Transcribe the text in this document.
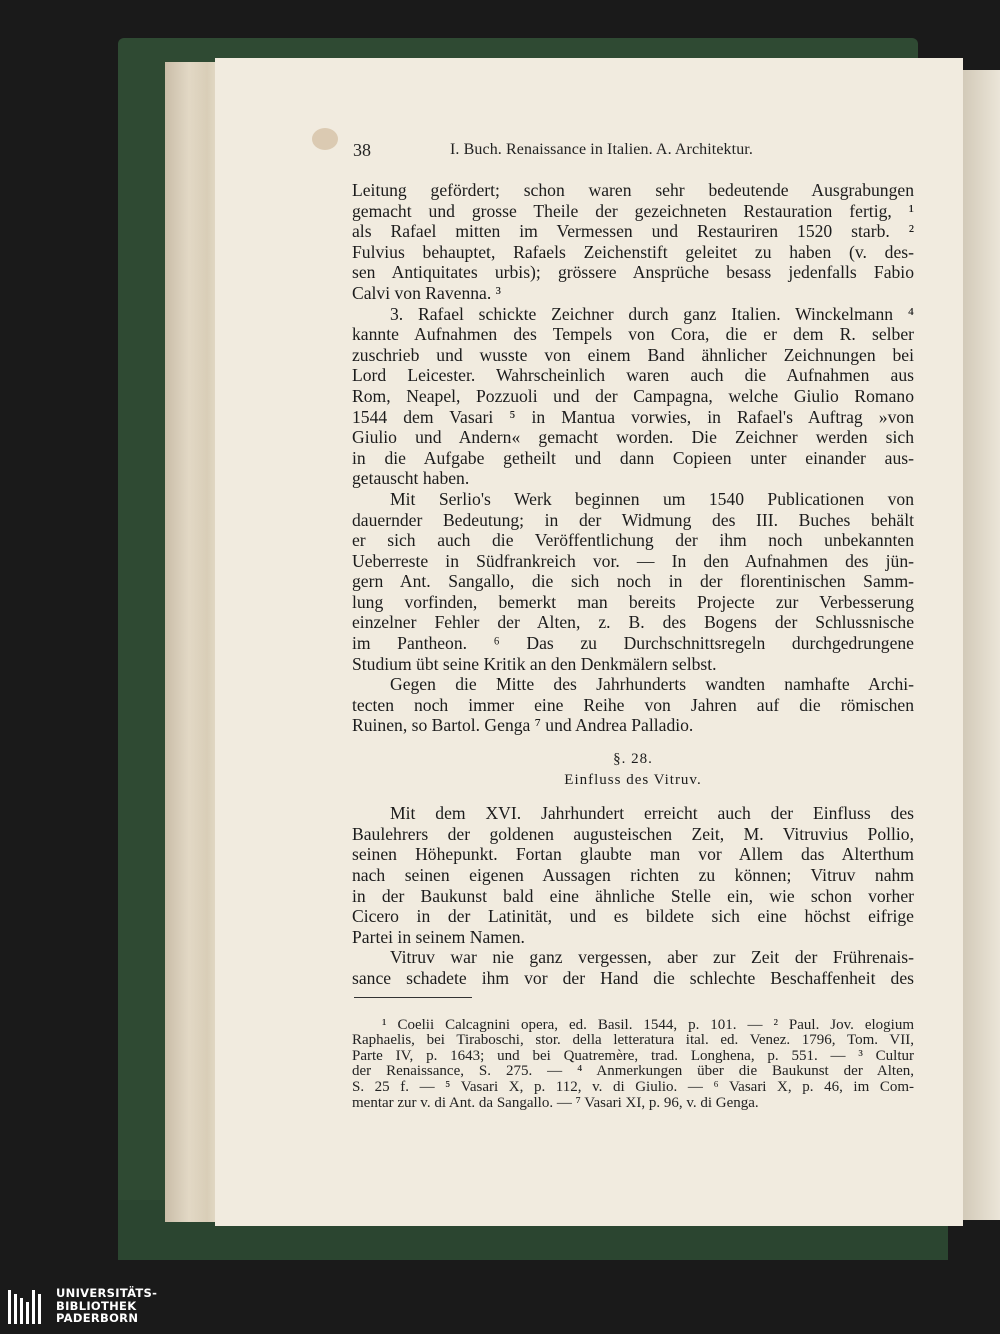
38	I. Buch. Renaissance in Italien. A. Architektur.
Leitung gefördert; schon waren sehr bedeutende Ausgrabungen
gemacht und grosse Theile der gezeichneten Restauration fertig, ¹
als Rafael mitten im Vermessen und Restauriren 1520 starb. ²
Fulvius behauptet, Rafaels Zeichenstift geleitet zu haben (v. des-
sen Antiquitates urbis); grössere Ansprüche besass jedenfalls Fabio
Calvi von Ravenna. ³
3. Rafael schickte Zeichner durch ganz Italien. Winckelmann ⁴
kannte Aufnahmen des Tempels von Cora, die er dem R. selber
zuschrieb und wusste von einem Band ähnlicher Zeichnungen bei
Lord Leicester. Wahrscheinlich waren auch die Aufnahmen aus
Rom, Neapel, Pozzuoli und der Campagna, welche Giulio Romano
1544 dem Vasari ⁵ in Mantua vorwies, in Rafael's Auftrag »von
Giulio und Andern« gemacht worden. Die Zeichner werden sich
in die Aufgabe getheilt und dann Copieen unter einander aus-
getauscht haben.
Mit Serlio's Werk beginnen um 1540 Publicationen von
dauernder Bedeutung; in der Widmung des III. Buches behält
er sich auch die Veröffentlichung der ihm noch unbekannten
Ueberreste in Südfrankreich vor. — In den Aufnahmen des jün-
gern Ant. Sangallo, die sich noch in der florentinischen Samm-
lung vorfinden, bemerkt man bereits Projecte zur Verbesserung
einzelner Fehler der Alten, z. B. des Bogens der Schlussnische
im Pantheon. ⁶ Das zu Durchschnittsregeln durchgedrungene
Studium übt seine Kritik an den Denkmälern selbst.
Gegen die Mitte des Jahrhunderts wandten namhafte Archi-
tecten noch immer eine Reihe von Jahren auf die römischen
Ruinen, so Bartol. Genga ⁷ und Andrea Palladio.
§. 28.
Einfluss des Vitruv.
Mit dem XVI. Jahrhundert erreicht auch der Einfluss des
Baulehrers der goldenen augusteischen Zeit, M. Vitruvius Pollio,
seinen Höhepunkt. Fortan glaubte man vor Allem das Alterthum
nach seinen eigenen Aussagen richten zu können; Vitruv nahm
in der Baukunst bald eine ähnliche Stelle ein, wie schon vorher
Cicero in der Latinität, und es bildete sich eine höchst eifrige
Partei in seinem Namen.
Vitruv war nie ganz vergessen, aber zur Zeit der Frührenais-
sance schadete ihm vor der Hand die schlechte Beschaffenheit des
¹ Coelii Calcagnini opera, ed. Basil. 1544, p. 101. — ² Paul. Jov. elogium
Raphaelis, bei Tiraboschi, stor. della letteratura ital. ed. Venez. 1796, Tom. VII,
Parte IV, p. 1643; und bei Quatremère, trad. Longhena, p. 551. — ³ Cultur
der Renaissance, S. 275. — ⁴ Anmerkungen über die Baukunst der Alten,
S. 25 f. — ⁵ Vasari X, p. 112, v. di Giulio. — ⁶ Vasari X, p. 46, im Com-
mentar zur v. di Ant. da Sangallo. — ⁷ Vasari XI, p. 96, v. di Genga.
UNIVERSITÄTS-
BIBLIOTHEK
PADERBORN
